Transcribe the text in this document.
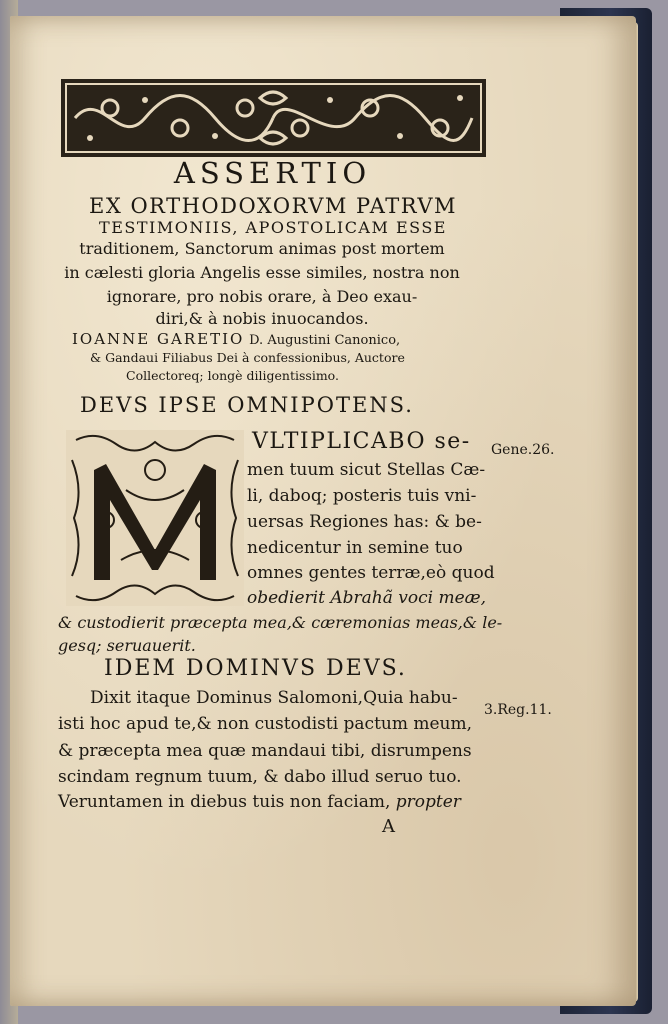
ASSERTIO
EX ORTHODOXORVM PATRVM
TESTIMONIIS, APOSTOLICAM ESSE
traditionem, Sanctorum animas post mortem
in cælesti gloria Angelis esse similes, nostra non
ignorare, pro nobis orare, à Deo exau-
diri,& à nobis inuocandos.
IOANNE GARETIO D. Augustini Canonico,
& Gandaui Filiabus Dei à confessionibus, Auctore
Collectoreq; longè diligentissimo.
DEVS IPSE OMNIPOTENS.
VLTIPLICABO se-
men tuum sicut Stellas Cæ-
li, daboq; posteris tuis vni-
uersas Regiones has: & be-
nedicentur in semine tuo
omnes gentes terræ,eò quod
obedierit Abrahã voci meæ,
& custodierit præcepta mea,& cæremonias meas,& le-
gesq; seruauerit.
Gene.26.
IDEM DOMINVS DEVS.
Dixit itaque Dominus Salomoni,Quia habu-
isti hoc apud te,& non custodisti pactum meum,
& præcepta mea quæ mandaui tibi, disrumpens
scindam regnum tuum, & dabo illud seruo tuo.
Veruntamen in diebus tuis non faciam, propter
3.Reg.11.
A
